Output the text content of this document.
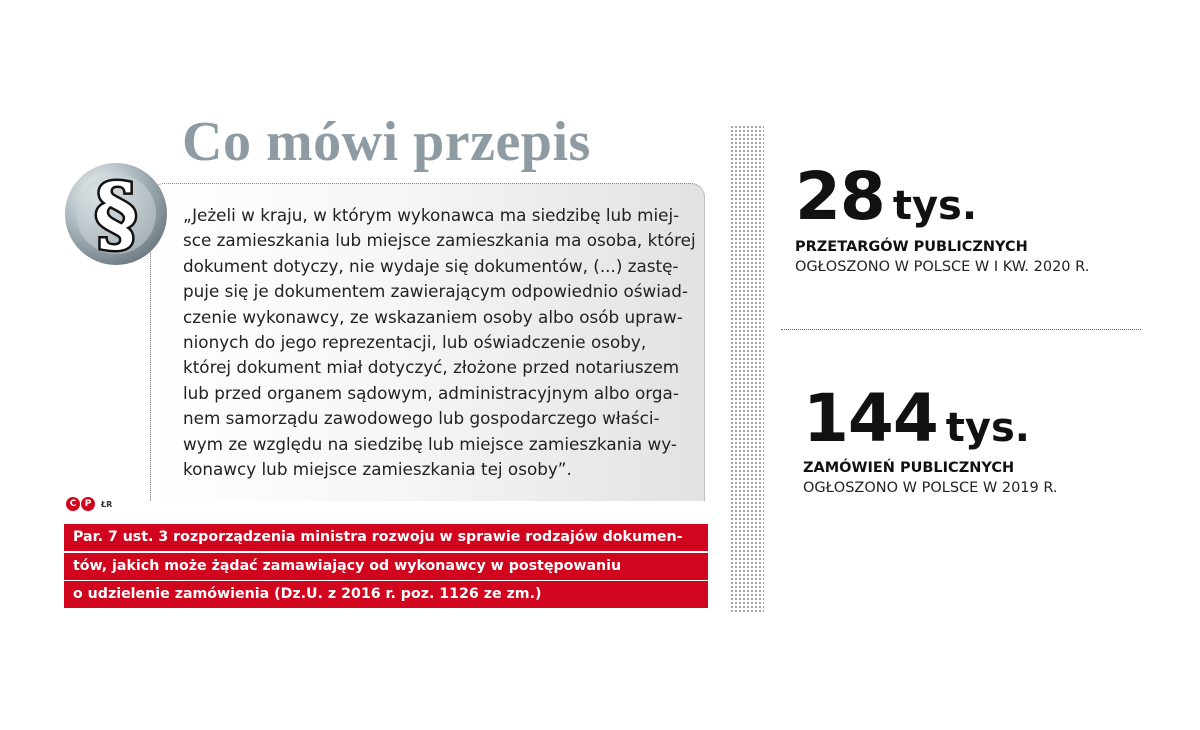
Co mówi przepis

„Jeżeli w kraju, w którym wykonawca ma siedzibę lub miej-
sce zamieszkania lub miejsce zamieszkania ma osoba, której
dokument dotyczy, nie wydaje się dokumentów, (...) zastę-
puje się je dokumentem zawierającym odpowiednio oświad-
czenie wykonawcy, ze wskazaniem osoby albo osób upraw-
nionych do jego reprezentacji, lub oświadczenie osoby,
której dokument miał dotyczyć, złożone przed notariuszem
lub przed organem sądowym, administracyjnym albo orga-
nem samorządu zawodowego lub gospodarczego właści-
wym ze względu na siedzibę lub miejsce zamieszkania wy-
konawcy lub miejsce zamieszkania tej osoby”.

§
C P	ŁR
Par. 7 ust. 3 rozporządzenia ministra rozwoju w sprawie rodzajów dokumen-
tów, jakich może żądać zamawiający od wykonawcy w postępowaniu
o udzielenie zamówienia (Dz.U. z 2016 r. poz. 1126 ze zm.)
28 tys.
PRZETARGÓW PUBLICZNYCH
OGŁOSZONO W POLSCE W I KW. 2020 R.
144 tys.
ZAMÓWIEŃ PUBLICZNYCH
OGŁOSZONO W POLSCE W 2019 R.
